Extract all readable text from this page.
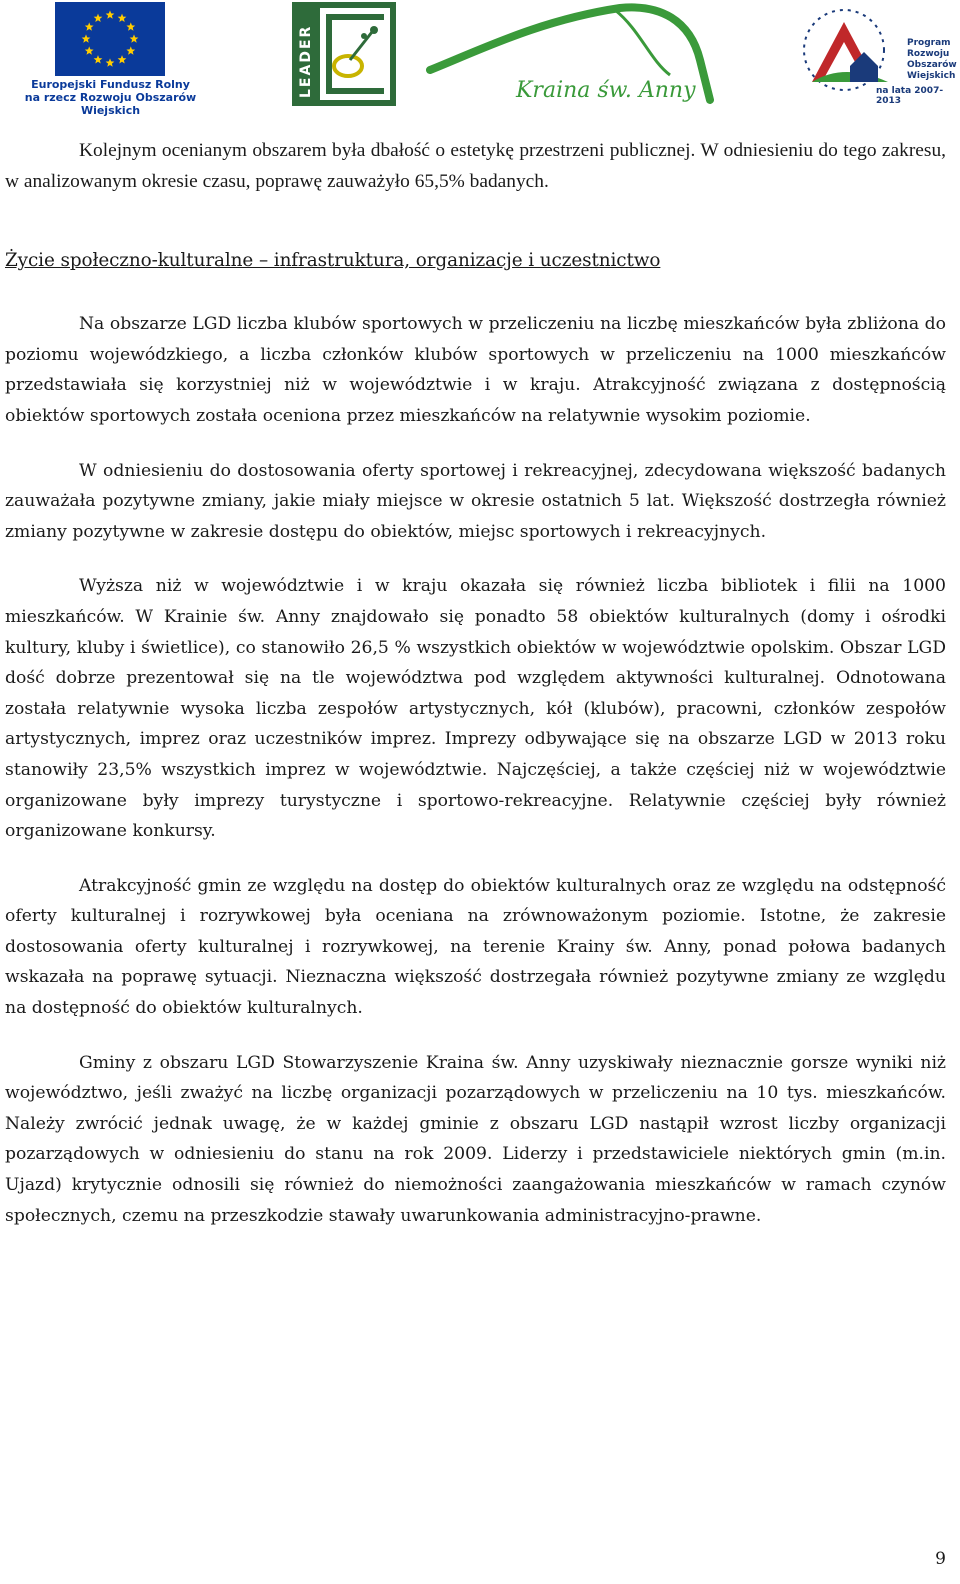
Europejski Fundusz Rolny
na rzecz Rozwoju Obszarów Wiejskich
LEADER	Kraina św. Anny
Program
Rozwoju
Obszarów
Wiejskich
na lata 2007-2013

Kolejnym ocenianym obszarem była dbałość o estetykę przestrzeni publicznej. W odniesieniu do tego zakresu, w analizowanym okresie czasu, poprawę zauważyło 65,5% badanych.

Życie społeczno-kulturalne – infrastruktura, organizacje i uczestnictwo

Na obszarze LGD liczba klubów sportowych w przeliczeniu na liczbę mieszkańców była zbliżona do poziomu wojewódzkiego, a liczba członków klubów sportowych w przeliczeniu na 1000 mieszkańców przedstawiała się korzystniej niż w województwie i w kraju. Atrakcyjność związana z dostępnością obiektów sportowych została oceniona przez mieszkańców na relatywnie wysokim poziomie.

W odniesieniu do dostosowania oferty sportowej i rekreacyjnej, zdecydowana większość badanych zauważała pozytywne zmiany, jakie miały miejsce w okresie ostatnich 5 lat. Większość dostrzegła również zmiany pozytywne w zakresie dostępu do obiektów, miejsc sportowych i rekreacyjnych.

Wyższa niż w województwie i w kraju okazała się również liczba bibliotek i filii na 1000 mieszkańców. W Krainie św. Anny znajdowało się ponadto 58 obiektów kulturalnych (domy i ośrodki kultury, kluby i świetlice), co stanowiło 26,5 % wszystkich obiektów w województwie opolskim. Obszar LGD dość dobrze prezentował się na tle województwa pod względem aktywności kulturalnej. Odnotowana została relatywnie wysoka liczba zespołów artystycznych, kół (klubów), pracowni, członków zespołów artystycznych, imprez oraz uczestników imprez. Imprezy odbywające się na obszarze LGD w 2013 roku stanowiły 23,5% wszystkich imprez w województwie. Najczęściej, a także częściej niż w województwie organizowane były imprezy turystyczne i sportowo-rekreacyjne. Relatywnie częściej były również organizowane konkursy.

Atrakcyjność gmin ze względu na dostęp do obiektów kulturalnych oraz ze względu na odstępność oferty kulturalnej i rozrywkowej była oceniana na zrównoważonym poziomie. Istotne, że zakresie dostosowania oferty kulturalnej i rozrywkowej, na terenie Krainy św. Anny, ponad połowa badanych wskazała na poprawę sytuacji. Nieznaczna większość dostrzegała również pozytywne zmiany ze względu na dostępność do obiektów kulturalnych.

Gminy z obszaru LGD Stowarzyszenie Kraina św. Anny uzyskiwały nieznacznie gorsze wyniki niż województwo, jeśli zważyć na liczbę organizacji pozarządowych w przeliczeniu na 10 tys. mieszkańców. Należy zwrócić jednak uwagę, że w każdej gminie z obszaru LGD nastąpił wzrost liczby organizacji pozarządowych w odniesieniu do stanu na rok 2009. Liderzy i przedstawiciele niektórych gmin (m.in. Ujazd) krytycznie odnosili się również do niemożności zaangażowania mieszkańców w ramach czynów społecznych, czemu na przeszkodzie stawały uwarunkowania administracyjno-prawne.

9
